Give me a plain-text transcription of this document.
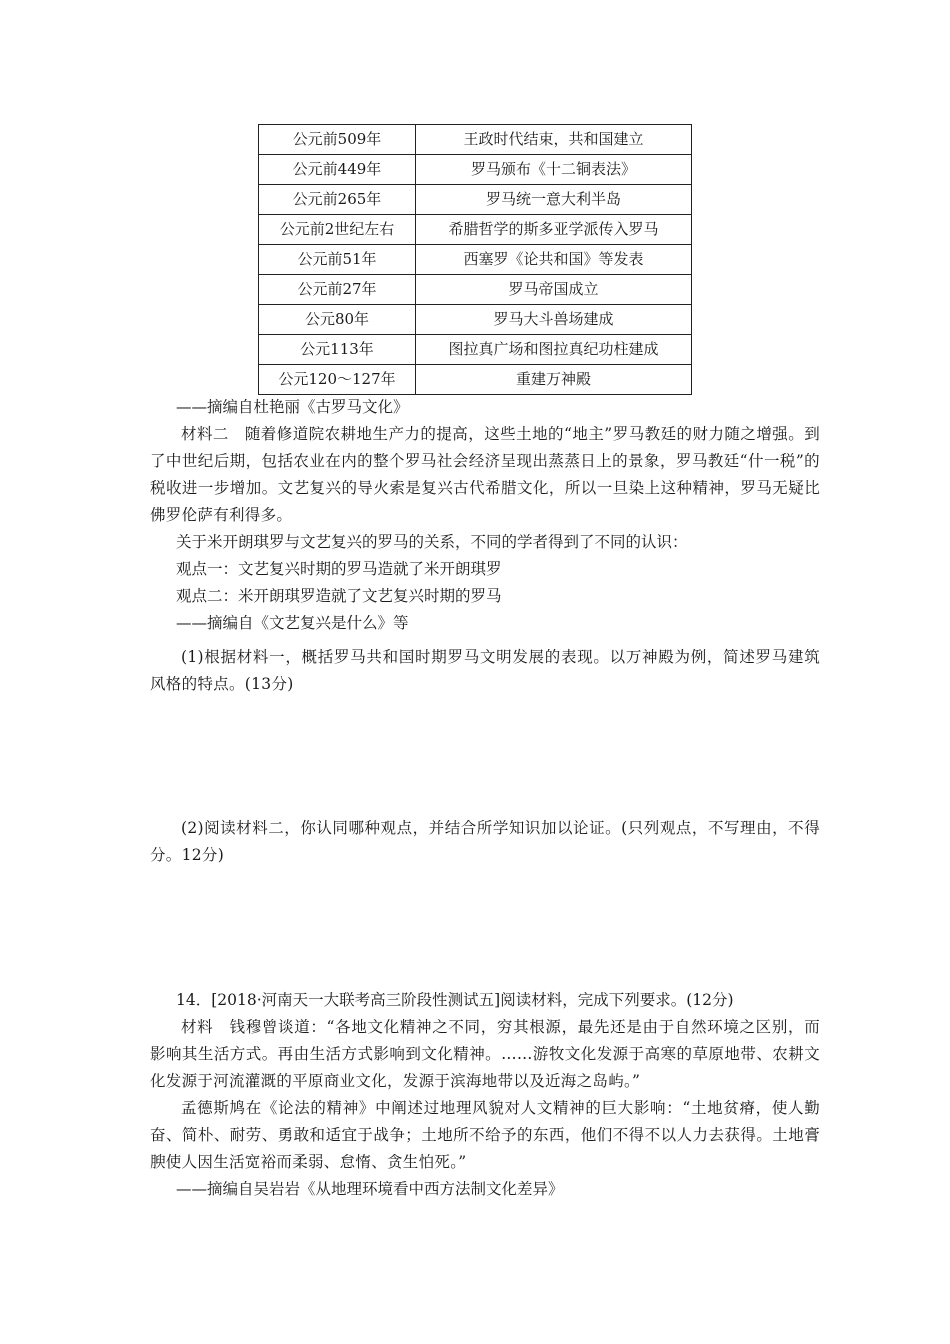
公元前509年	王政时代结束，共和国建立
公元前449年	罗马颁布《十二铜表法》
公元前265年	罗马统一意大利半岛
公元前2世纪左右	希腊哲学的斯多亚学派传入罗马
公元前51年	西塞罗《论共和国》等发表
公元前27年	罗马帝国成立
公元80年	罗马大斗兽场建成
公元113年	图拉真广场和图拉真纪功柱建成
公元120～127年	重建万神殿
——摘编自杜艳丽《古罗马文化》

材料二　随着修道院农耕地生产力的提高，这些土地的“地主”罗马教廷的财力随之增强。到了中世纪后期，包括农业在内的整个罗马社会经济呈现出蒸蒸日上的景象，罗马教廷“什一税”的税收进一步增加。文艺复兴的导火索是复兴古代希腊文化，所以一旦染上这种精神，罗马无疑比佛罗伦萨有利得多。

关于米开朗琪罗与文艺复兴的罗马的关系，不同的学者得到了不同的认识：
观点一：文艺复兴时期的罗马造就了米开朗琪罗
观点二：米开朗琪罗造就了文艺复兴时期的罗马
——摘编自《文艺复兴是什么》等

(1)根据材料一，概括罗马共和国时期罗马文明发展的表现。以万神殿为例，简述罗马建筑风格的特点。(13分)

(2)阅读材料二，你认同哪种观点，并结合所学知识加以论证。(只列观点，不写理由，不得分。12分)

14．[2018·河南天一大联考高三阶段性测试五]阅读材料，完成下列要求。(12分)

材料　钱穆曾谈道：“各地文化精神之不同，穷其根源，最先还是由于自然环境之区别，而影响其生活方式。再由生活方式影响到文化精神。……游牧文化发源于高寒的草原地带、农耕文化发源于河流灌溉的平原商业文化，发源于滨海地带以及近海之岛屿。”

孟德斯鸠在《论法的精神》中阐述过地理风貌对人文精神的巨大影响：“土地贫瘠，使人勤奋、简朴、耐劳、勇敢和适宜于战争；土地所不给予的东西，他们不得不以人力去获得。土地膏腴使人因生活宽裕而柔弱、怠惰、贪生怕死。”

——摘编自吴岩岩《从地理环境看中西方法制文化差异》
